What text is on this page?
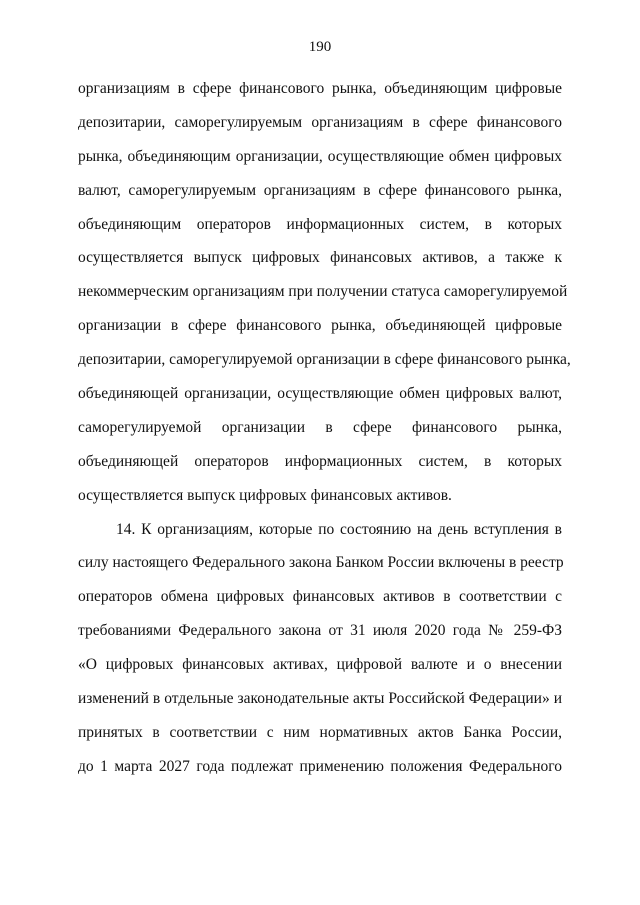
190
организациям в сфере финансового рынка, объединяющим цифровые
депозитарии, саморегулируемым организациям в сфере финансового
рынка, объединяющим организации, осуществляющие обмен цифровых
валют, саморегулируемым организациям в сфере финансового рынка,
объединяющим операторов информационных систем, в которых
осуществляется выпуск цифровых финансовых активов, а также к
некоммерческим организациям при получении статуса саморегулируемой
организации в сфере финансового рынка, объединяющей цифровые
депозитарии, саморегулируемой организации в сфере финансового рынка,
объединяющей организации, осуществляющие обмен цифровых валют,
саморегулируемой организации в сфере финансового рынка,
объединяющей операторов информационных систем, в которых
осуществляется выпуск цифровых финансовых активов.
14. К организациям, которые по состоянию на день вступления в
силу настоящего Федерального закона Банком России включены в реестр
операторов обмена цифровых финансовых активов в соответствии с
требованиями Федерального закона от 31 июля 2020 года № 259-ФЗ
«О цифровых финансовых активах, цифровой валюте и о внесении
изменений в отдельные законодательные акты Российской Федерации» и
принятых в соответствии с ним нормативных актов Банка России,
до 1 марта 2027 года подлежат применению положения Федерального
